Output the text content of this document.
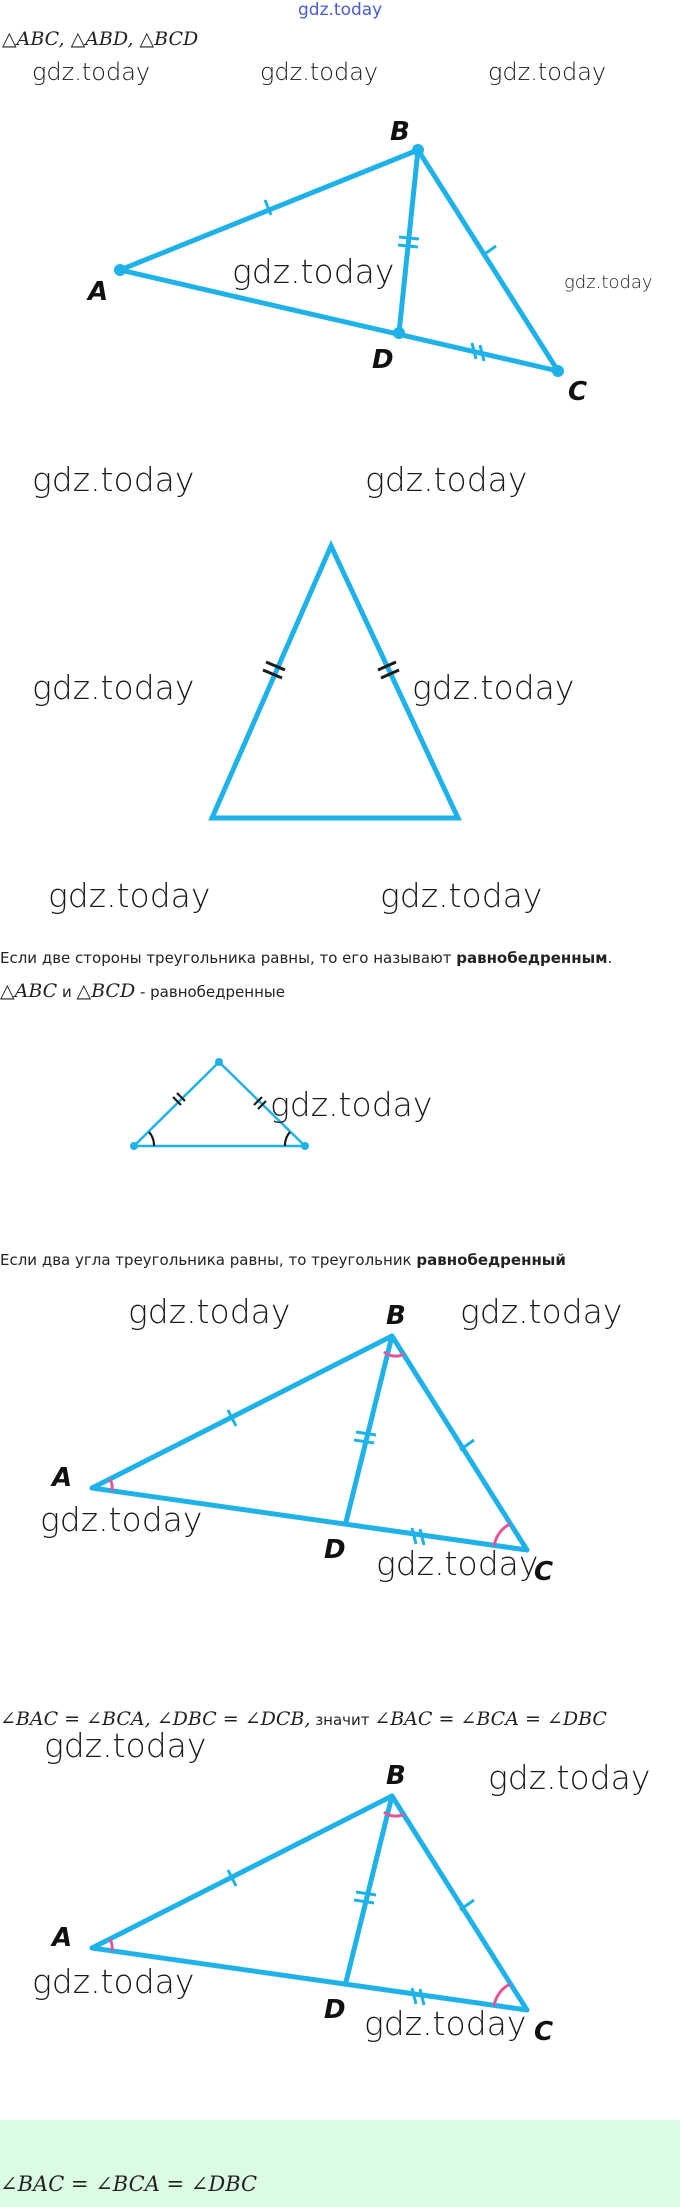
gdz.today
△ABC, △ABD, △BCD
gdz.today	gdz.today	gdz.today
A
B
C
D
gdz.today	gdz.today
gdz.today	gdz.today
gdz.today	gdz.today
gdz.today	gdz.today
Если две стороны треугольника равны, то его называют равнобедренным.
△ABC и △BCD - равнобедренные
gdz.today
Если два угла треугольника равны, то треугольник равнобедренный
A
B
C
D
gdz.today	gdz.today
gdz.today
gdz.today
∠BAC = ∠BCA, ∠DBC = ∠DCB, значит ∠BAC = ∠BCA = ∠DBC
gdz.today
A
B
C
D
gdz.today
gdz.today
gdz.today
∠BAC = ∠BCA = ∠DBC
